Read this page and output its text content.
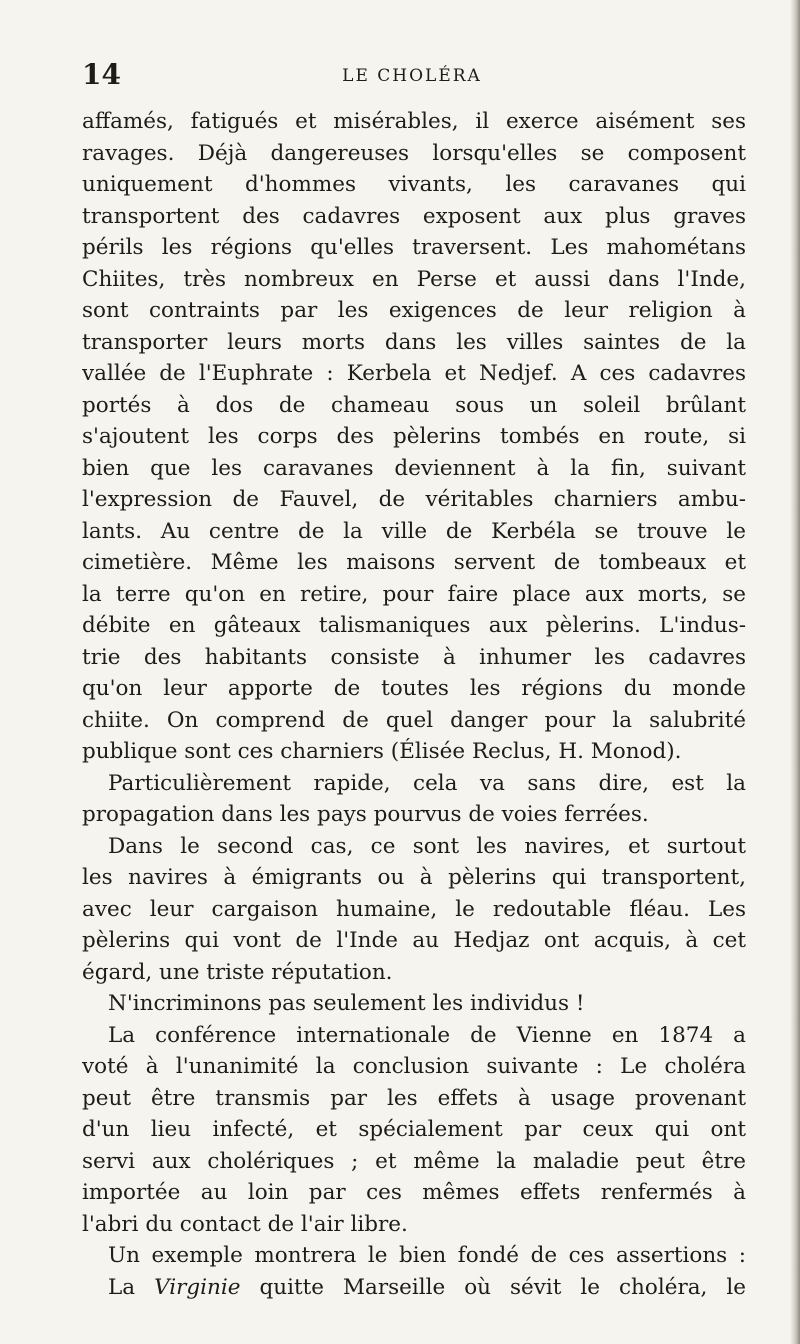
14	LE CHOLÉRA
affamés, fatigués et misérables, il exerce aisément ses
ravages. Déjà dangereuses lorsqu'elles se composent
uniquement d'hommes vivants, les caravanes qui
transportent des cadavres exposent aux plus graves
périls les régions qu'elles traversent. Les mahométans
Chiites, très nombreux en Perse et aussi dans l'Inde,
sont contraints par les exigences de leur religion à
transporter leurs morts dans les villes saintes de la
vallée de l'Euphrate : Kerbela et Nedjef. A ces cadavres
portés à dos de chameau sous un soleil brûlant
s'ajoutent les corps des pèlerins tombés en route, si
bien que les caravanes deviennent à la fin, suivant
l'expression de Fauvel, de véritables charniers ambu-
lants. Au centre de la ville de Kerbéla se trouve le
cimetière. Même les maisons servent de tombeaux et
la terre qu'on en retire, pour faire place aux morts, se
débite en gâteaux talismaniques aux pèlerins. L'indus-
trie des habitants consiste à inhumer les cadavres
qu'on leur apporte de toutes les régions du monde
chiite. On comprend de quel danger pour la salubrité
publique sont ces charniers (Élisée Reclus, H. Monod).
Particulièrement rapide, cela va sans dire, est la
propagation dans les pays pourvus de voies ferrées.
Dans le second cas, ce sont les navires, et surtout
les navires à émigrants ou à pèlerins qui transportent,
avec leur cargaison humaine, le redoutable fléau. Les
pèlerins qui vont de l'Inde au Hedjaz ont acquis, à cet
égard, une triste réputation.
N'incriminons pas seulement les individus !
La conférence internationale de Vienne en 1874 a
voté à l'unanimité la conclusion suivante : Le choléra
peut être transmis par les effets à usage provenant
d'un lieu infecté, et spécialement par ceux qui ont
servi aux cholériques ; et même la maladie peut être
importée au loin par ces mêmes effets renfermés à
l'abri du contact de l'air libre.
Un exemple montrera le bien fondé de ces assertions :
La Virginie quitte Marseille où sévit le choléra, le
